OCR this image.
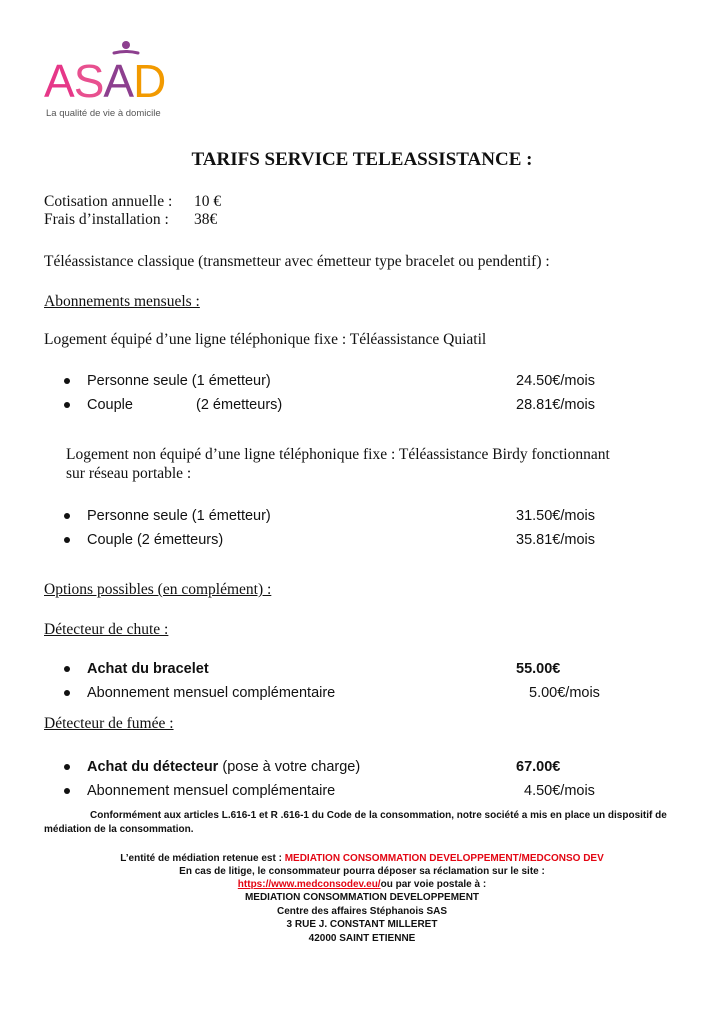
ASAD
La qualité de vie à domicile
TARIFS SERVICE TELEASSISTANCE :
Cotisation annuelle : 10 €
Frais d’installation : 38€
Téléassistance classique (transmetteur avec émetteur type bracelet ou pendentif) :
Abonnements mensuels :
Logement équipé d’une ligne téléphonique fixe : Téléassistance Quiatil
Personne seule (1 émetteur)	24.50€/mois
Couple	(2 émetteurs)	28.81€/mois
Logement non équipé d’une ligne téléphonique fixe : Téléassistance Birdy fonctionnant
sur réseau portable :
Personne seule (1 émetteur)	31.50€/mois
Couple (2 émetteurs)	35.81€/mois
Options possibles (en complément) :
Détecteur de chute :
Achat du bracelet	55.00€
Abonnement mensuel complémentaire	5.00€/mois
Détecteur de fumée :
Achat du détecteur (pose à votre charge)	67.00€
Abonnement mensuel complémentaire	4.50€/mois
Conformément aux articles L.616-1 et R .616-1 du Code de la consommation, notre société a mis en place un dispositif de
médiation de la consommation.
L’entité de médiation retenue est : MEDIATION CONSOMMATION DEVELOPPEMENT/MEDCONSO DEV
En cas de litige, le consommateur pourra déposer sa réclamation sur le site :
https://www.medconsodev.eu/ou par voie postale à :
MEDIATION CONSOMMATION DEVELOPPEMENT
Centre des affaires Stéphanois SAS
3 RUE J. CONSTANT MILLERET
42000 SAINT ETIENNE
